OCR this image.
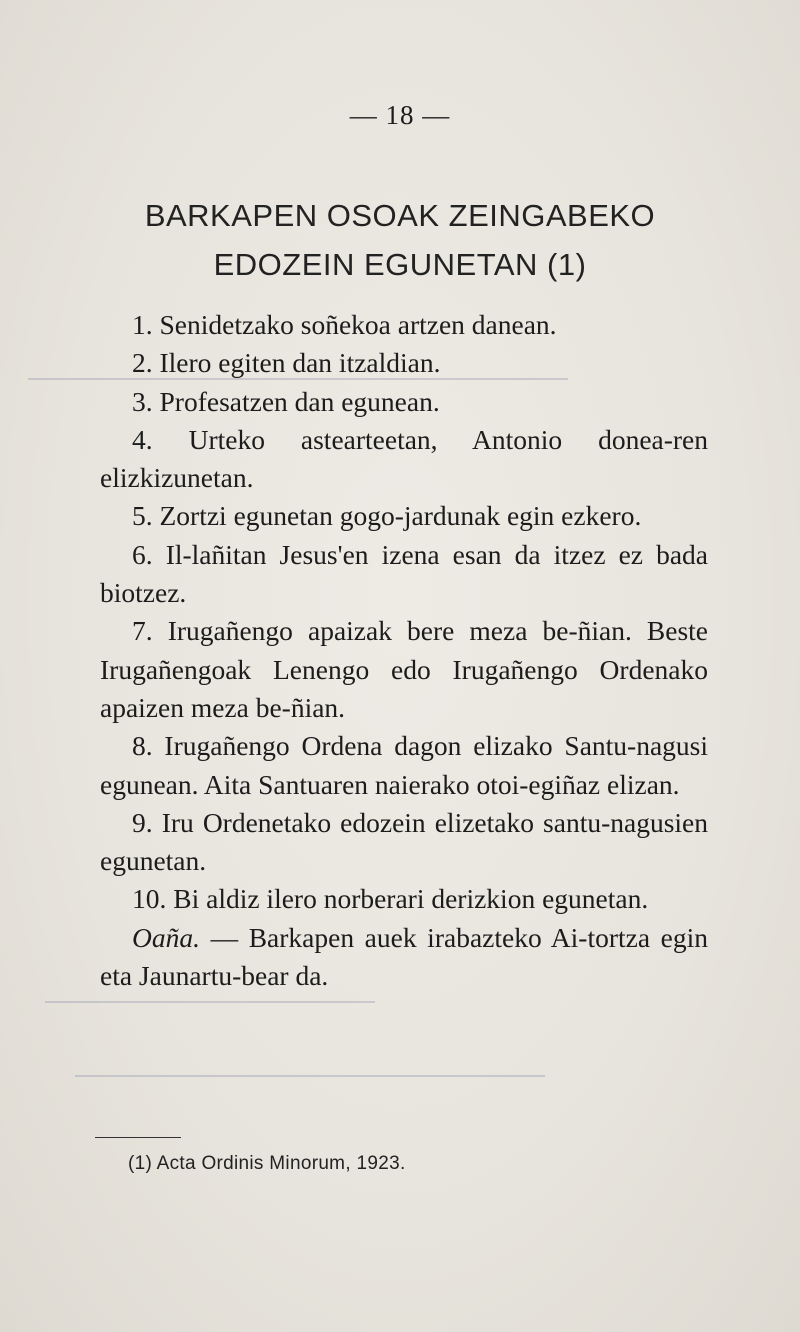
— 18 —
BARKAPEN OSOAK ZEINGABEKO
EDOZEIN EGUNETAN (1)
1. Senidetzako soñekoa artzen danean.
2. Ilero egiten dan itzaldian.
3. Profesatzen dan egunean.
4. Urteko astearteetan, Antonio donea-ren elizkizunetan.
5. Zortzi egunetan gogo-jardunak egin ezkero.
6. Il-lañitan Jesus'en izena esan da itzez ez bada biotzez.
7. Irugañengo apaizak bere meza be-ñian. Beste Irugañengoak Lenengo edo Irugañengo Ordenako apaizen meza be-ñian.
8. Irugañengo Ordena dagon elizako Santu-nagusi egunean. Aita Santuaren naierako otoi-egiñaz elizan.
9. Iru Ordenetako edozein elizetako santu-nagusien egunetan.
10. Bi aldiz ilero norberari derizkion egunetan.
Oaña. — Barkapen auek irabazteko Ai-tortza egin eta Jaunartu-bear da.
(1) Acta Ordinis Minorum, 1923.
